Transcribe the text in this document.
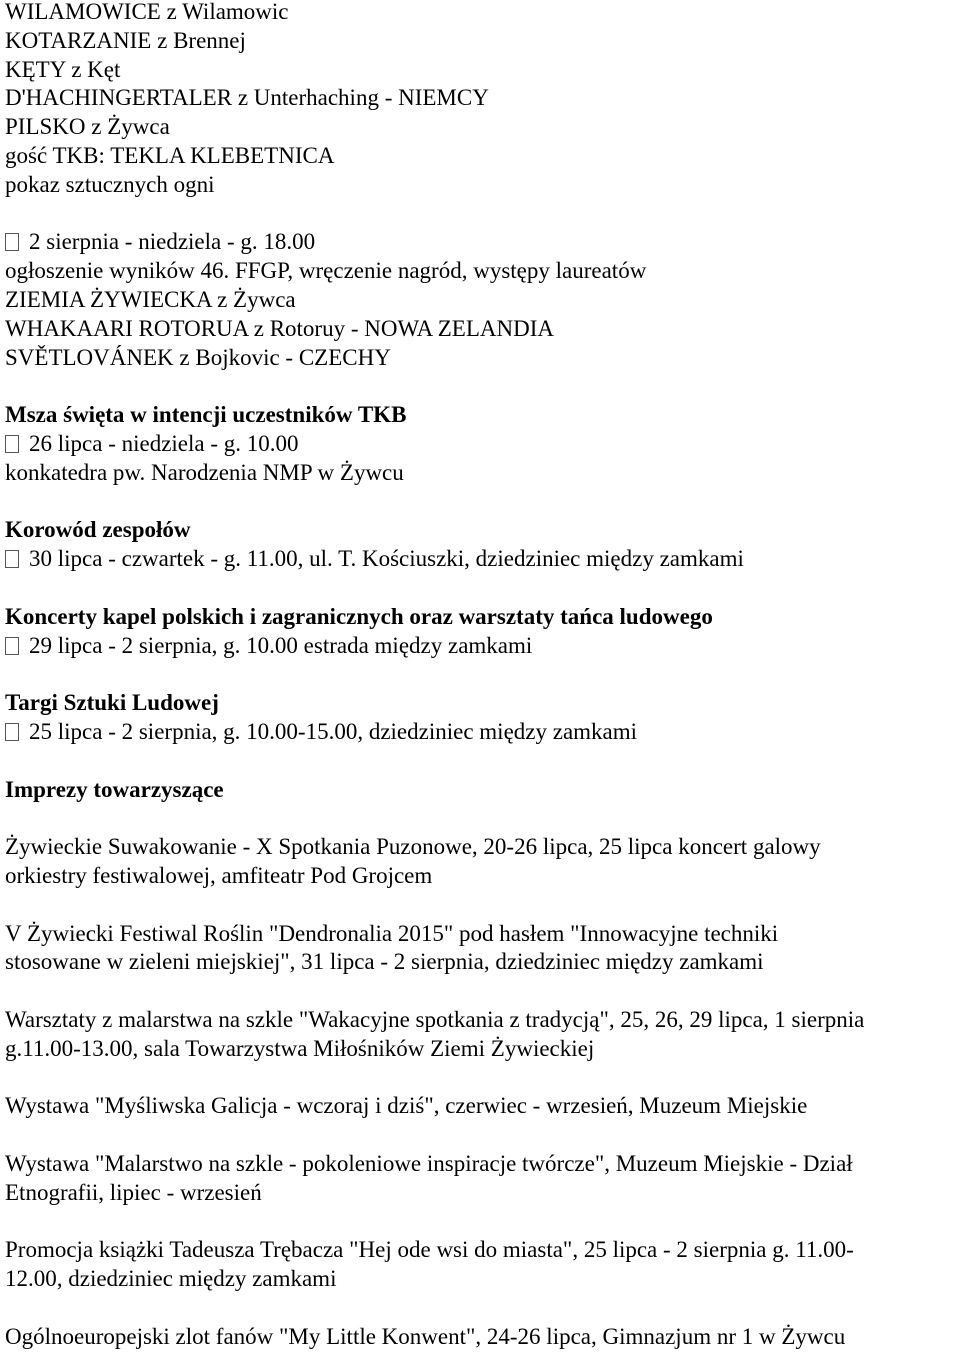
WILAMOWICE z Wilamowic
KOTARZANIE z Brennej
KĘTY z Kęt
D'HACHINGERTALER z Unterhaching - NIEMCY
PILSKO z Żywca
gość TKB: TEKLA KLEBETNICA
pokaz sztucznych ogni
2 sierpnia - niedziela - g. 18.00
ogłoszenie wyników 46. FFGP, wręczenie nagród, występy laureatów
ZIEMIA ŻYWIECKA z Żywca
WHAKAARI ROTORUA z Rotoruy - NOWA ZELANDIA
SVĚTLOVÁNEK z Bojkovic - CZECHY
Msza święta w intencji uczestników TKB
26 lipca - niedziela - g. 10.00
konkatedra pw. Narodzenia NMP w Żywcu
Korowód zespołów
30 lipca - czwartek - g. 11.00, ul. T. Kościuszki, dziedziniec między zamkami
Koncerty kapel polskich i zagranicznych oraz warsztaty tańca ludowego
29 lipca - 2 sierpnia, g. 10.00 estrada między zamkami
Targi Sztuki Ludowej
25 lipca - 2 sierpnia, g. 10.00-15.00, dziedziniec między zamkami
Imprezy towarzyszące
Żywieckie Suwakowanie - X Spotkania Puzonowe, 20-26 lipca, 25 lipca koncert galowy
orkiestry festiwalowej, amfiteatr Pod Grojcem
V Żywiecki Festiwal Roślin "Dendronalia 2015" pod hasłem "Innowacyjne techniki
stosowane w zieleni miejskiej", 31 lipca - 2 sierpnia, dziedziniec między zamkami
Warsztaty z malarstwa na szkle "Wakacyjne spotkania z tradycją", 25, 26, 29 lipca, 1 sierpnia
g.11.00-13.00, sala Towarzystwa Miłośników Ziemi Żywieckiej
Wystawa "Myśliwska Galicja - wczoraj i dziś", czerwiec - wrzesień, Muzeum Miejskie
Wystawa "Malarstwo na szkle - pokoleniowe inspiracje twórcze", Muzeum Miejskie - Dział
Etnografii, lipiec - wrzesień
Promocja książki Tadeusza Trębacza "Hej ode wsi do miasta", 25 lipca - 2 sierpnia g. 11.00-
12.00, dziedziniec między zamkami
Ogólnoeuropejski zlot fanów "My Little Konwent", 24-26 lipca, Gimnazjum nr 1 w Żywcu
